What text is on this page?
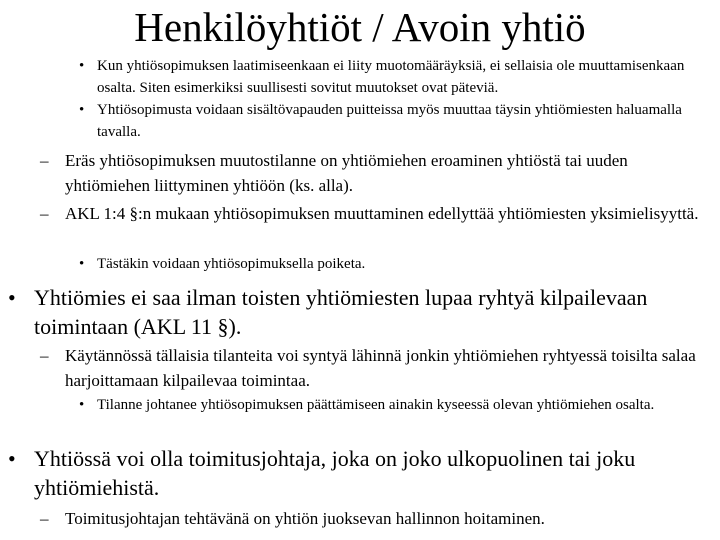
Henkilöyhtiöt / Avoin yhtiö
• Kun yhtiösopimuksen laatimiseenkaan ei liity muotomääräyksiä, ei sellaisia ole muuttamisenkaan osalta. Siten esimerkiksi suullisesti sovitut muutokset ovat päteviä.
• Yhtiösopimusta voidaan sisältövapauden puitteissa myös muuttaa täysin yhtiömiesten haluamalla tavalla.
– Eräs yhtiösopimuksen muutostilanne on yhtiömiehen eroaminen yhtiöstä tai uuden yhtiömiehen liittyminen yhtiöön (ks. alla).
– AKL 1:4 §:n mukaan yhtiösopimuksen muuttaminen edellyttää yhtiömiesten yksimielisyyttä.
• Tästäkin voidaan yhtiösopimuksella poiketa.
• Yhtiömies ei saa ilman toisten yhtiömiesten lupaa ryhtyä kilpailevaan toimintaan (AKL 11 §).
– Käytännössä tällaisia tilanteita voi syntyä lähinnä jonkin yhtiömiehen ryhtyessä toisilta salaa harjoittamaan kilpailevaa toimintaa.
• Tilanne johtanee yhtiösopimuksen päättämiseen ainakin kyseessä olevan yhtiömiehen osalta.
• Yhtiössä voi olla toimitusjohtaja, joka on joko ulkopuolinen tai joku yhtiömiehistä.
– Toimitusjohtajan tehtävänä on yhtiön juoksevan hallinnon hoitaminen.
